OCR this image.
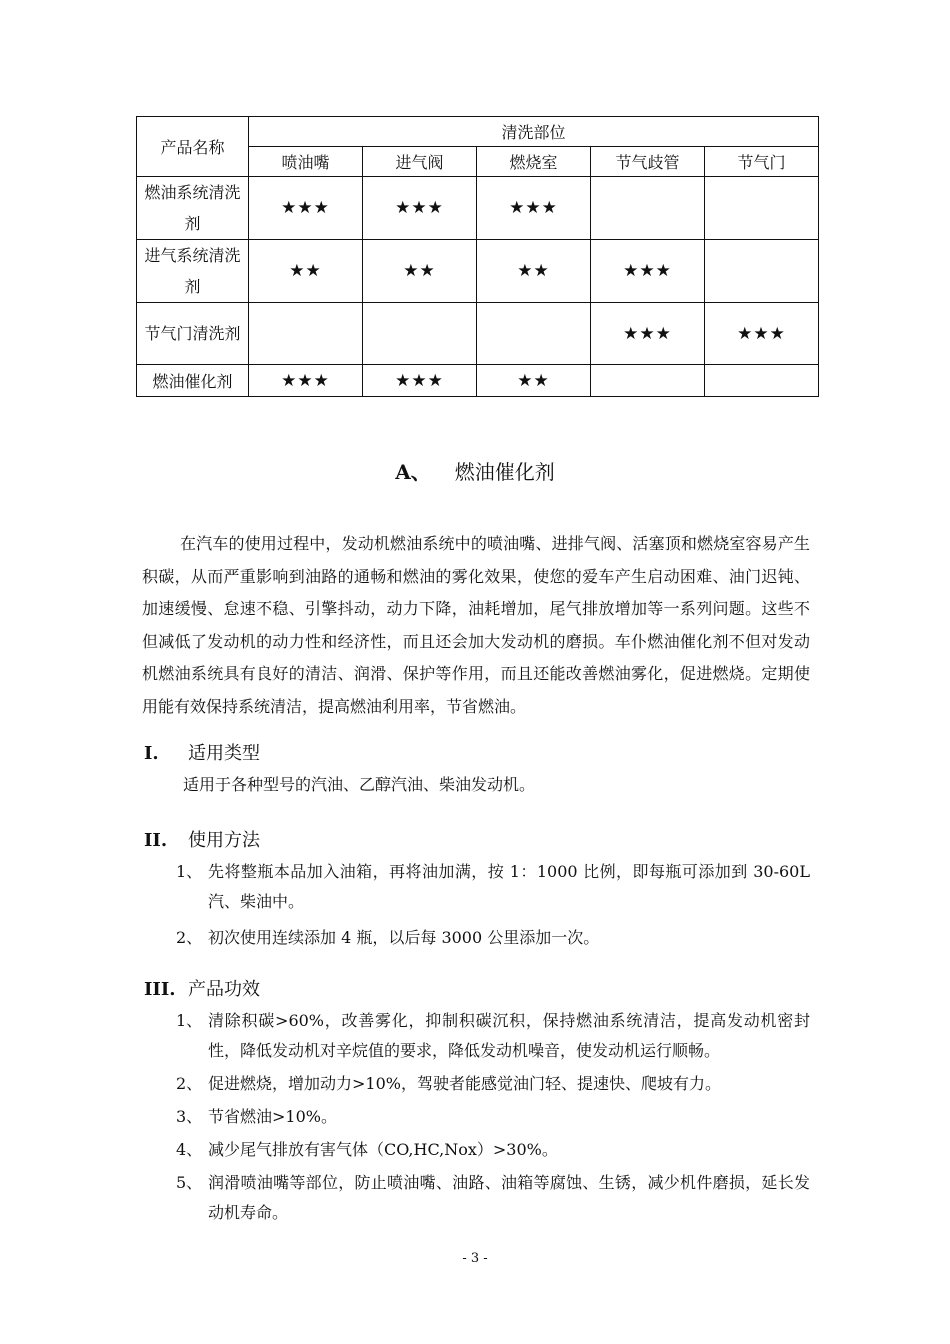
产品名称	清洗部位				
	喷油嘴	进气阀	燃烧室	节气歧管	节气门
燃油系统清洗剂	★★★	★★★	★★★		
进气系统清洗剂	★★	★★	★★	★★★	
节气门清洗剂				★★★	★★★
燃油催化剂	★★★	★★★	★★		
A、 燃油催化剂

在汽车的使用过程中，发动机燃油系统中的喷油嘴、进排气阀、活塞顶和燃烧室容易产生积碳，从而严重影响到油路的通畅和燃油的雾化效果，使您的爱车产生启动困难、油门迟钝、加速缓慢、怠速不稳、引擎抖动，动力下降，油耗增加，尾气排放增加等一系列问题。这些不但减低了发动机的动力性和经济性，而且还会加大发动机的磨损。车仆燃油催化剂不但对发动机燃油系统具有良好的清洁、润滑、保护等作用，而且还能改善燃油雾化，促进燃烧。定期使用能有效保持系统清洁，提高燃油利用率，节省燃油。

I. 适用类型

适用于各种型号的汽油、乙醇汽油、柴油发动机。

II. 使用方法
1、 先将整瓶本品加入油箱，再将油加满，按 1：1000 比例，即每瓶可添加到 30-60L 汽、柴油中。
2、 初次使用连续添加 4 瓶，以后每 3000 公里添加一次。
III. 产品功效
1、 清除积碳>60%，改善雾化，抑制积碳沉积，保持燃油系统清洁，提高发动机密封性，降低发动机对辛烷值的要求，降低发动机噪音，使发动机运行顺畅。
2、 促进燃烧，增加动力>10%，驾驶者能感觉油门轻、提速快、爬坡有力。
3、 节省燃油>10%。
4、 减少尾气排放有害气体（CO,HC,Nox）>30%。
5、 润滑喷油嘴等部位，防止喷油嘴、油路、油箱等腐蚀、生锈，减少机件磨损，延长发动机寿命。
- 3 -
